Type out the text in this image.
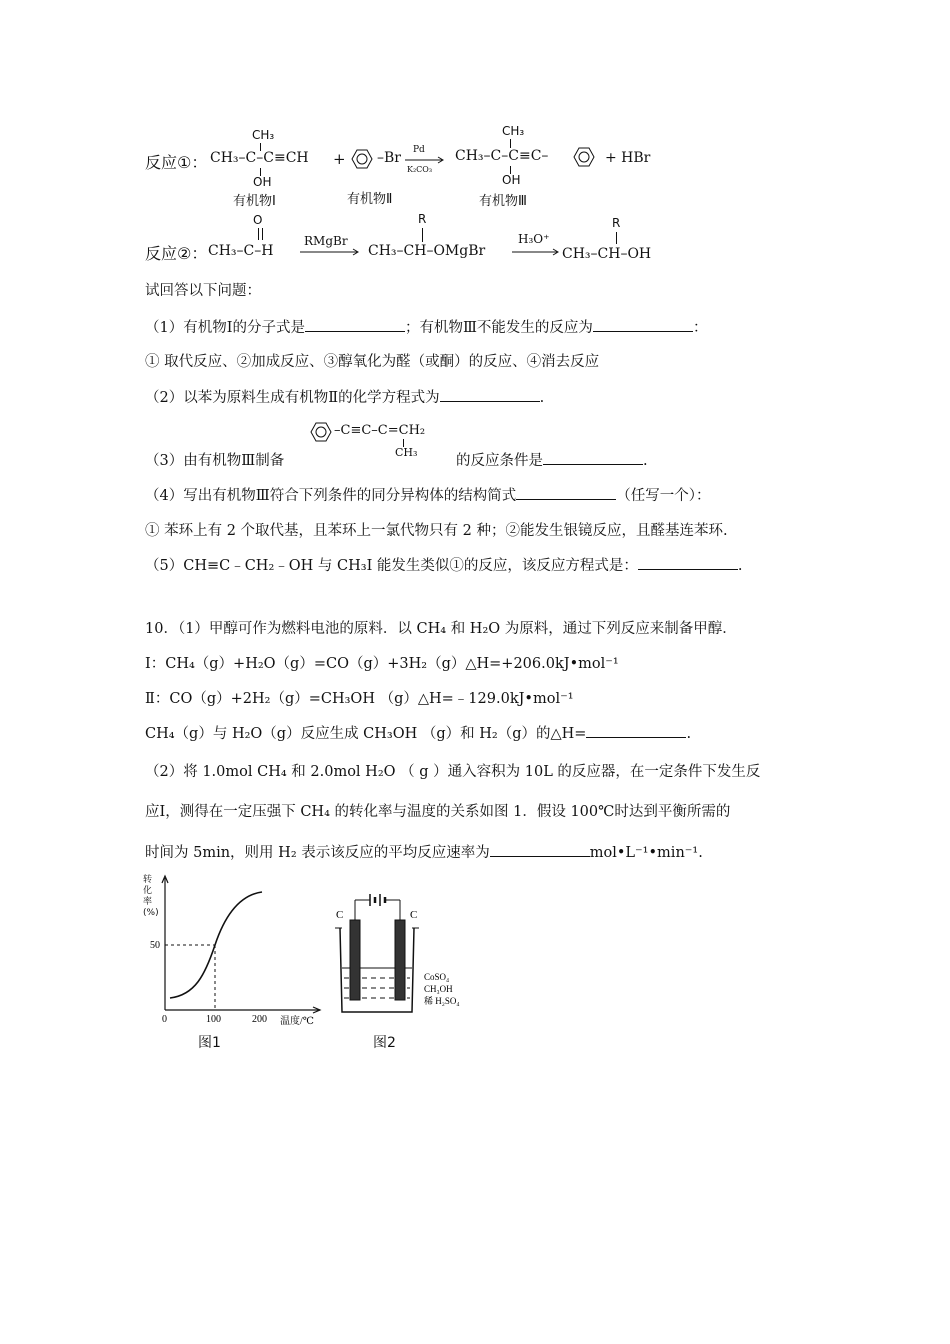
反应①：
CH₃
CH₃–C–C≡CH
OH
有机物Ⅰ
+ –Br
有机物Ⅱ
Pd
K₂CO₃
CH₃
CH₃–C–C≡C–
OH
有机物Ⅲ
+ HBr
反应②：
O
CH₃–C–H
RMgBr
R
CH₃–CH–OMgBr
H₃O⁺
R
CH₃–CH–OH
试回答以下问题：
（1）有机物Ⅰ的分子式是	；有机物Ⅲ不能发生的反应为	：
① 取代反应、②加成反应、③醇氧化为醛（或酮）的反应、④消去反应
（2）以苯为原料生成有机物Ⅱ的化学方程式为	.
（3）由有机物Ⅲ制备
–C≡C–C=CH₂
CH₃
的反应条件是	.
（4）写出有机物Ⅲ符合下列条件的同分异构体的结构简式	（任写一个）：
① 苯环上有 2 个取代基，且苯环上一氯代物只有 2 种；②能发生银镜反应，且醛基连苯环.
（5）CH≡C﹣CH₂﹣OH 与 CH₃I 能发生类似①的反应，该反应方程式是：	.
10．（1）甲醇可作为燃料电池的原料．以 CH₄ 和 H₂O 为原料，通过下列反应来制备甲醇．
Ⅰ：CH₄（g）+H₂O（g）=CO（g）+3H₂（g）△H=+206.0kJ•mol⁻¹
Ⅱ：CO（g）+2H₂（g）=CH₃OH （g）△H=﹣129.0kJ•mol⁻¹
CH₄（g）与 H₂O（g）反应生成 CH₃OH （g）和 H₂（g）的△H=	.
（2）将 1.0mol CH₄ 和 2.0mol H₂O （ g ）通入容积为 10L 的反应器，在一定条件下发生反
应Ⅰ，测得在一定压强下 CH₄ 的转化率与温度的关系如图 1．假设 100℃时达到平衡所需的
时间为 5min，则用 H₂ 表示该反应的平均反应速率为	mol•L⁻¹•min⁻¹.
50
0	100	200 温度/℃
转化率(%)
图1
C	C
CoSO₄
CH₃OH
稀 H₂SO₄
图2
